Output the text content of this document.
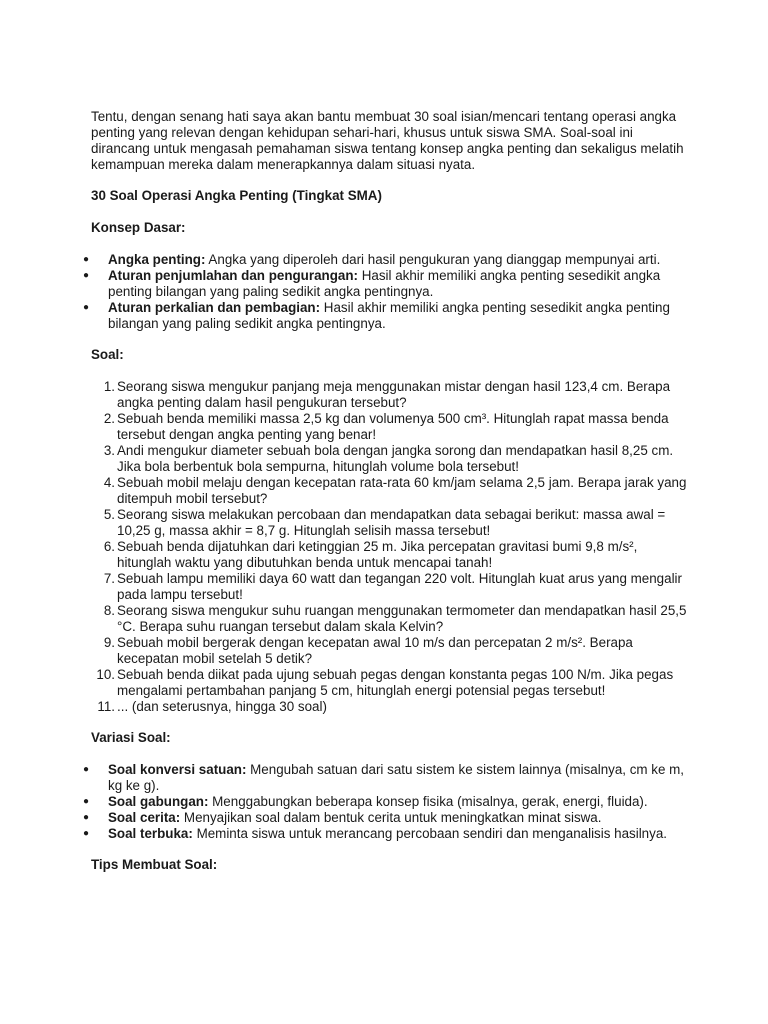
Tentu, dengan senang hati saya akan bantu membuat 30 soal isian/mencari tentang operasi angka penting yang relevan dengan kehidupan sehari-hari, khusus untuk siswa SMA. Soal-soal ini dirancang untuk mengasah pemahaman siswa tentang konsep angka penting dan sekaligus melatih kemampuan mereka dalam menerapkannya dalam situasi nyata.

30 Soal Operasi Angka Penting (Tingkat SMA)

Konsep Dasar:

● Angka penting: Angka yang diperoleh dari hasil pengukuran yang dianggap mempunyai arti.
● Aturan penjumlahan dan pengurangan: Hasil akhir memiliki angka penting sesedikit angka penting bilangan yang paling sedikit angka pentingnya.
● Aturan perkalian dan pembagian: Hasil akhir memiliki angka penting sesedikit angka penting bilangan yang paling sedikit angka pentingnya.

Soal:

1. Seorang siswa mengukur panjang meja menggunakan mistar dengan hasil 123,4 cm. Berapa angka penting dalam hasil pengukuran tersebut?
2. Sebuah benda memiliki massa 2,5 kg dan volumenya 500 cm³. Hitunglah rapat massa benda tersebut dengan angka penting yang benar!
3. Andi mengukur diameter sebuah bola dengan jangka sorong dan mendapatkan hasil 8,25 cm. Jika bola berbentuk bola sempurna, hitunglah volume bola tersebut!
4. Sebuah mobil melaju dengan kecepatan rata-rata 60 km/jam selama 2,5 jam. Berapa jarak yang ditempuh mobil tersebut?
5. Seorang siswa melakukan percobaan dan mendapatkan data sebagai berikut: massa awal = 10,25 g, massa akhir = 8,7 g. Hitunglah selisih massa tersebut!
6. Sebuah benda dijatuhkan dari ketinggian 25 m. Jika percepatan gravitasi bumi 9,8 m/s², hitunglah waktu yang dibutuhkan benda untuk mencapai tanah!
7. Sebuah lampu memiliki daya 60 watt dan tegangan 220 volt. Hitunglah kuat arus yang mengalir pada lampu tersebut!
8. Seorang siswa mengukur suhu ruangan menggunakan termometer dan mendapatkan hasil 25,5 °C. Berapa suhu ruangan tersebut dalam skala Kelvin?
9. Sebuah mobil bergerak dengan kecepatan awal 10 m/s dan percepatan 2 m/s². Berapa kecepatan mobil setelah 5 detik?
10. Sebuah benda diikat pada ujung sebuah pegas dengan konstanta pegas 100 N/m. Jika pegas mengalami pertambahan panjang 5 cm, hitunglah energi potensial pegas tersebut!
11. ... (dan seterusnya, hingga 30 soal)

Variasi Soal:

● Soal konversi satuan: Mengubah satuan dari satu sistem ke sistem lainnya (misalnya, cm ke m, kg ke g).
● Soal gabungan: Menggabungkan beberapa konsep fisika (misalnya, gerak, energi, fluida).
● Soal cerita: Menyajikan soal dalam bentuk cerita untuk meningkatkan minat siswa.
● Soal terbuka: Meminta siswa untuk merancang percobaan sendiri dan menganalisis hasilnya.

Tips Membuat Soal:
